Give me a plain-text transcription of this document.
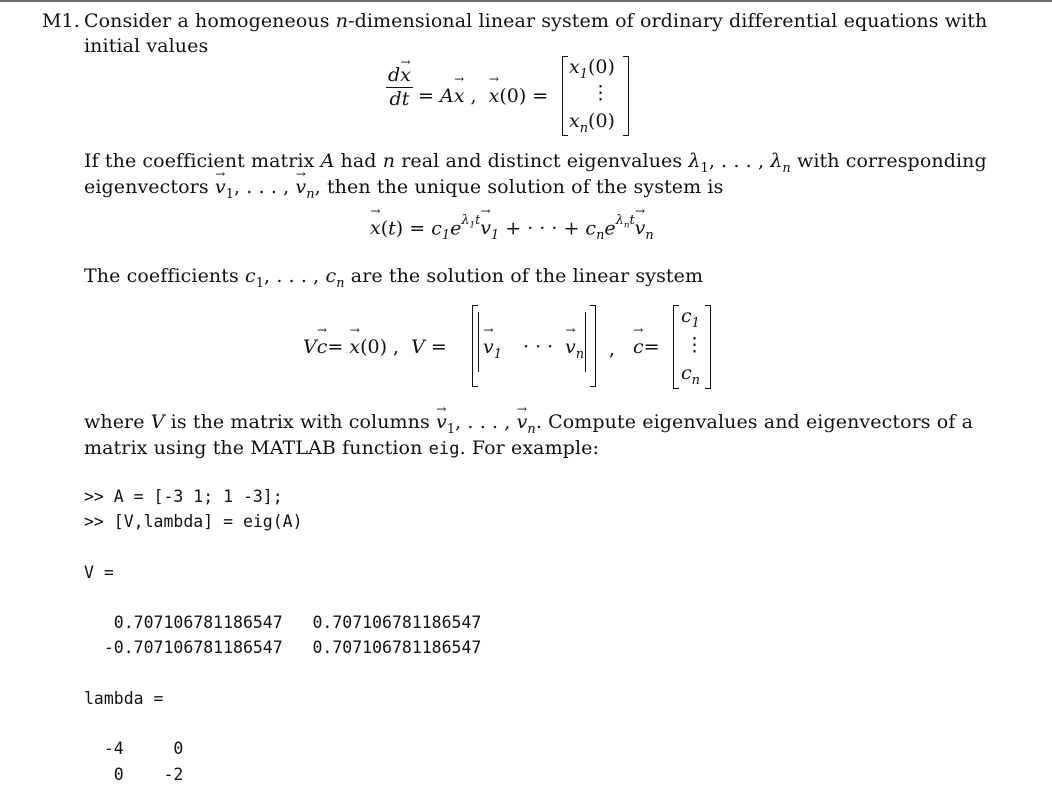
M1. Consider a homogeneous n-dimensional linear system of ordinary differential equations with
initial values
$\frac{d\to x}{dt} = A\to x$ , → x(0) =
$x_1(0)$
⋮
$x_n(0)$
If the coefficient matrix A had n real and distinct eigenvalues $\lambda_1$, . . . , $\lambda_n$ with corresponding
eigenvectors → $v_1$, . . . , → $v_n$, then the unique solution of the system is
→ $x(t) = c_1e^{\lambda_1t}\to v_1$ + · · · + $c_ne^{\lambda_nt}\to v_n$
The coefficients $c_1$, . . . , $c_n$ are the solution of the linear system
V→ c= → x(0) ,  V = → $v_1$ · · · → $v_n$ , → c=
$c_1$
⋮
$c_n$
where V is the matrix with columns → $v_1$, . . . , → $v_n$. Compute eigenvalues and eigenvectors of a
matrix using the MATLAB function eig. For example:
>> A = [-3 1; 1 -3];
>> [V,lambda] = eig(A)
V =
0.707106781186547   0.707106781186547
-0.707106781186547   0.707106781186547
lambda =
-4     0
0    -2
